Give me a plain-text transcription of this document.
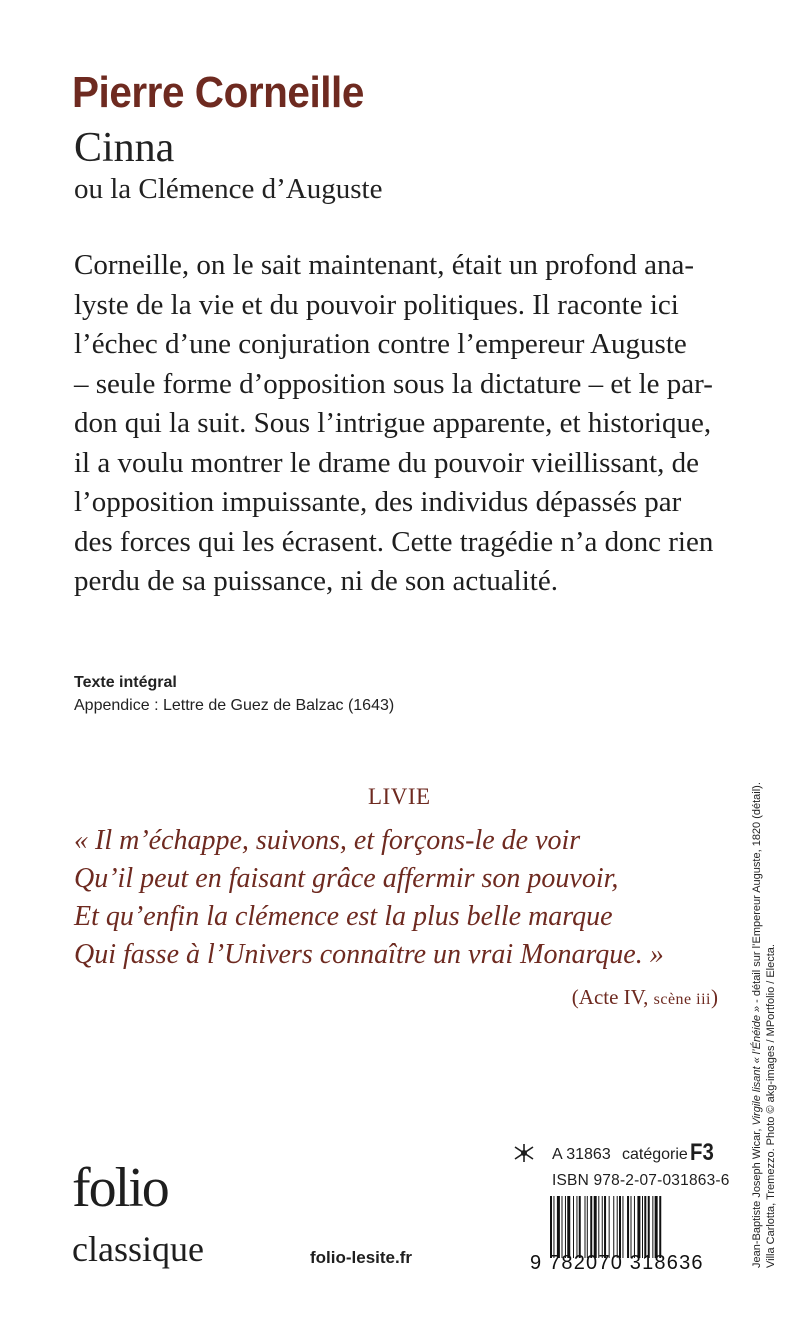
Pierre Corneille
Cinna
ou la Clémence d’Auguste

Corneille, on le sait maintenant, était un profond ana-
lyste de la vie et du pouvoir politiques. Il raconte ici
l’échec d’une conjuration contre l’empereur Auguste
– seule forme d’opposition sous la dictature – et le par-
don qui la suit. Sous l’intrigue apparente, et historique,
il a voulu montrer le drame du pouvoir vieillissant, de
l’opposition impuissante, des individus dépassés par
des forces qui les écrasent. Cette tragédie n’a donc rien
perdu de sa puissance, ni de son actualité.

Texte intégral
Appendice : Lettre de Guez de Balzac (1643)
LIVIE

« Il m’échappe, suivons, et forçons-le de voir
Qu’il peut en faisant grâce affermir son pouvoir,
Et qu’enfin la clémence est la plus belle marque
Qui fasse à l’Univers connaître un vrai Monarque. »

(Acte IV, scène iii)
folio
classique	folio-lesite.fr
A 31863 catégorie F3
ISBN 978-2-07-031863-6
9 782070 318636	Jean-Baptiste Joseph Wicar, Virgile lisant « l’Énéide » - détail sur l’Empereur Auguste, 1820 (détail).
Villa Carlotta, Tremezzo. Photo © akg-images / MPortfolio / Electa.
